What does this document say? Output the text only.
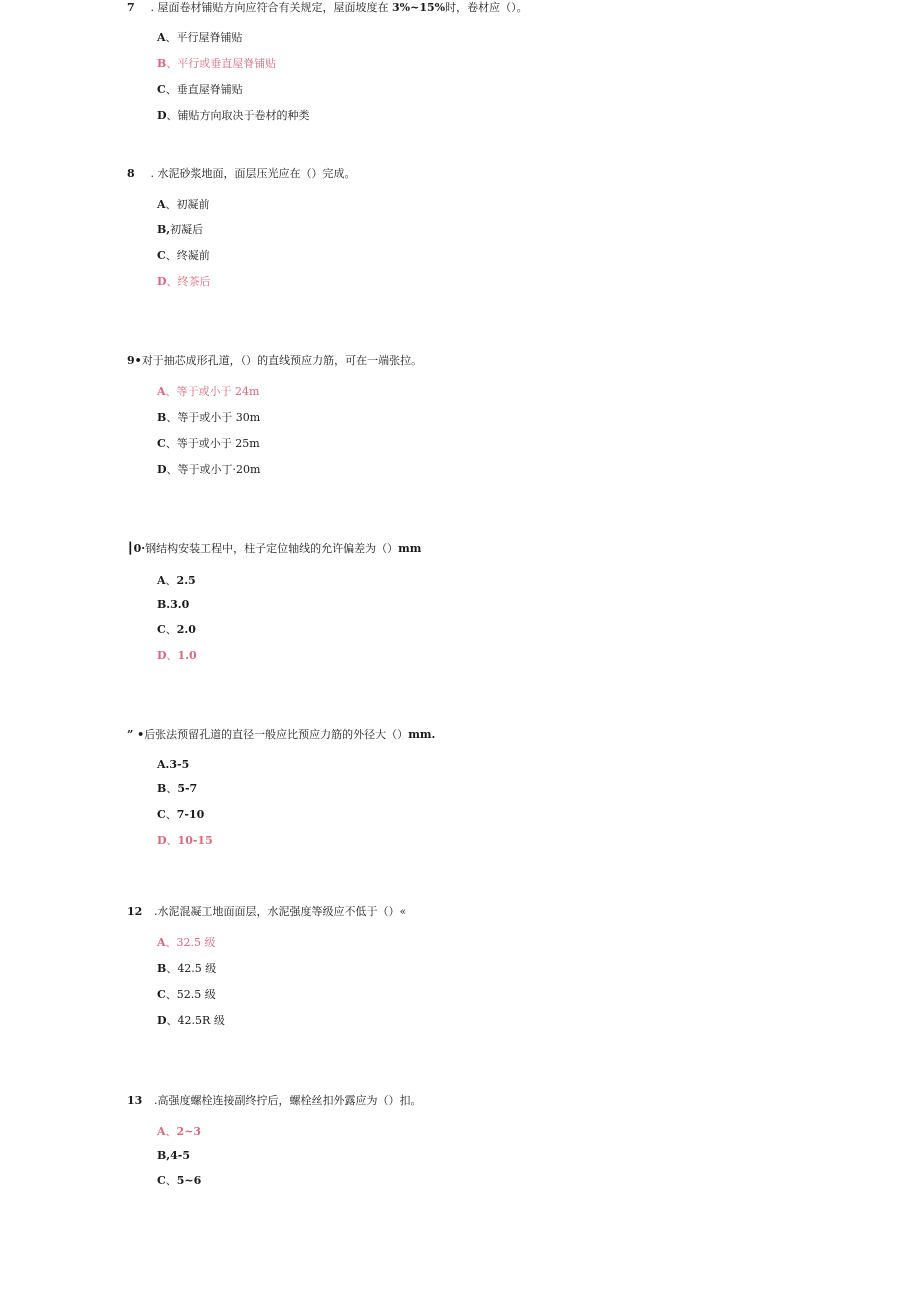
7 . 屋面卷材铺贴方向应符合有关规定，屋面坡度在 3%~15%时，卷材应（）。
A、平行屋脊铺贴
B、平行或垂直屋脊铺贴
C、垂直屋脊铺贴
D、铺贴方向取决于卷材的种类
8 . 水泥砂浆地面，面层压光应在（）完成。
A、初凝前
B,初凝后
C、终凝前
D、终茶后
9•对于抽芯成形孔道，（）的直线预应力筋，可在一端张拉。
A、等于或小于 24m
B、等于或小于 30m
C、等于或小于 25m
D、等于或小丁·20m
┃0·钢结构安装工程中，柱子定位轴线的允许偏差为（）mm
A、2.5
B.3.0
C、2.0
D、1.0
” •后张法预留孔道的直径一般应比预应力筋的外径大（）mm.
A.3-5
B、5-7
C、7-10
D、10-15
12 .水泥混凝工地面面层，水泥强度等级应不低于（）«
A、32.5 级
B、42.5 级
C、52.5 级
D、42.5R 级
13 .高强度螺栓连接副终拧后，螺栓丝扣外露应为（）扣。
A、2~3
B,4-5
C、5~6
